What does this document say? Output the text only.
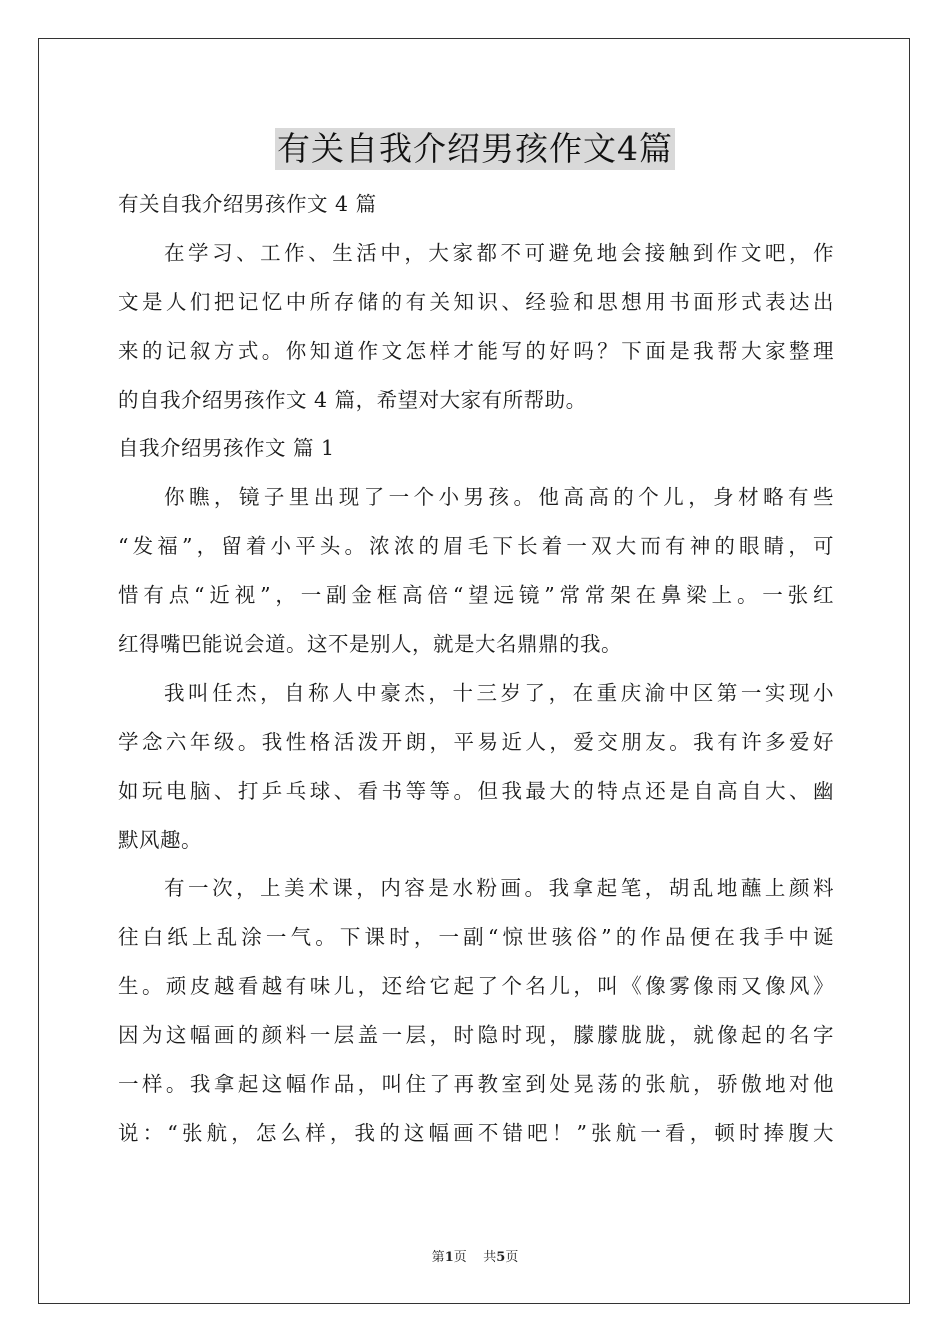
有关自我介绍男孩作文4篇
有关自我介绍男孩作文 4 篇
在学习、工作、生活中，大家都不可避免地会接触到作文吧，作
文是人们把记忆中所存储的有关知识、经验和思想用书面形式表达出
来的记叙方式。你知道作文怎样才能写的好吗？下面是我帮大家整理
的自我介绍男孩作文 4 篇，希望对大家有所帮助。
自我介绍男孩作文 篇 1
你瞧，镜子里出现了一个小男孩。他高高的个儿，身材略有些
“发福”，留着小平头。浓浓的眉毛下长着一双大而有神的眼睛，可
惜有点“近视”，一副金框高倍“望远镜”常常架在鼻梁上。一张红
红得嘴巴能说会道。这不是别人，就是大名鼎鼎的我。
我叫任杰，自称人中豪杰，十三岁了，在重庆渝中区第一实现小
学念六年级。我性格活泼开朗，平易近人，爱交朋友。我有许多爱好
如玩电脑、打乒乓球、看书等等。但我最大的特点还是自高自大、幽
默风趣。
有一次，上美术课，内容是水粉画。我拿起笔，胡乱地蘸上颜料
往白纸上乱涂一气。下课时，一副“惊世骇俗”的作品便在我手中诞
生。顽皮越看越有味儿，还给它起了个名儿，叫《像雾像雨又像风》
因为这幅画的颜料一层盖一层，时隐时现，朦朦胧胧，就像起的名字
一样。我拿起这幅作品，叫住了再教室到处晃荡的张航，骄傲地对他
说：“张航，怎么样，我的这幅画不错吧！”张航一看，顿时捧腹大
第1页    共5页
